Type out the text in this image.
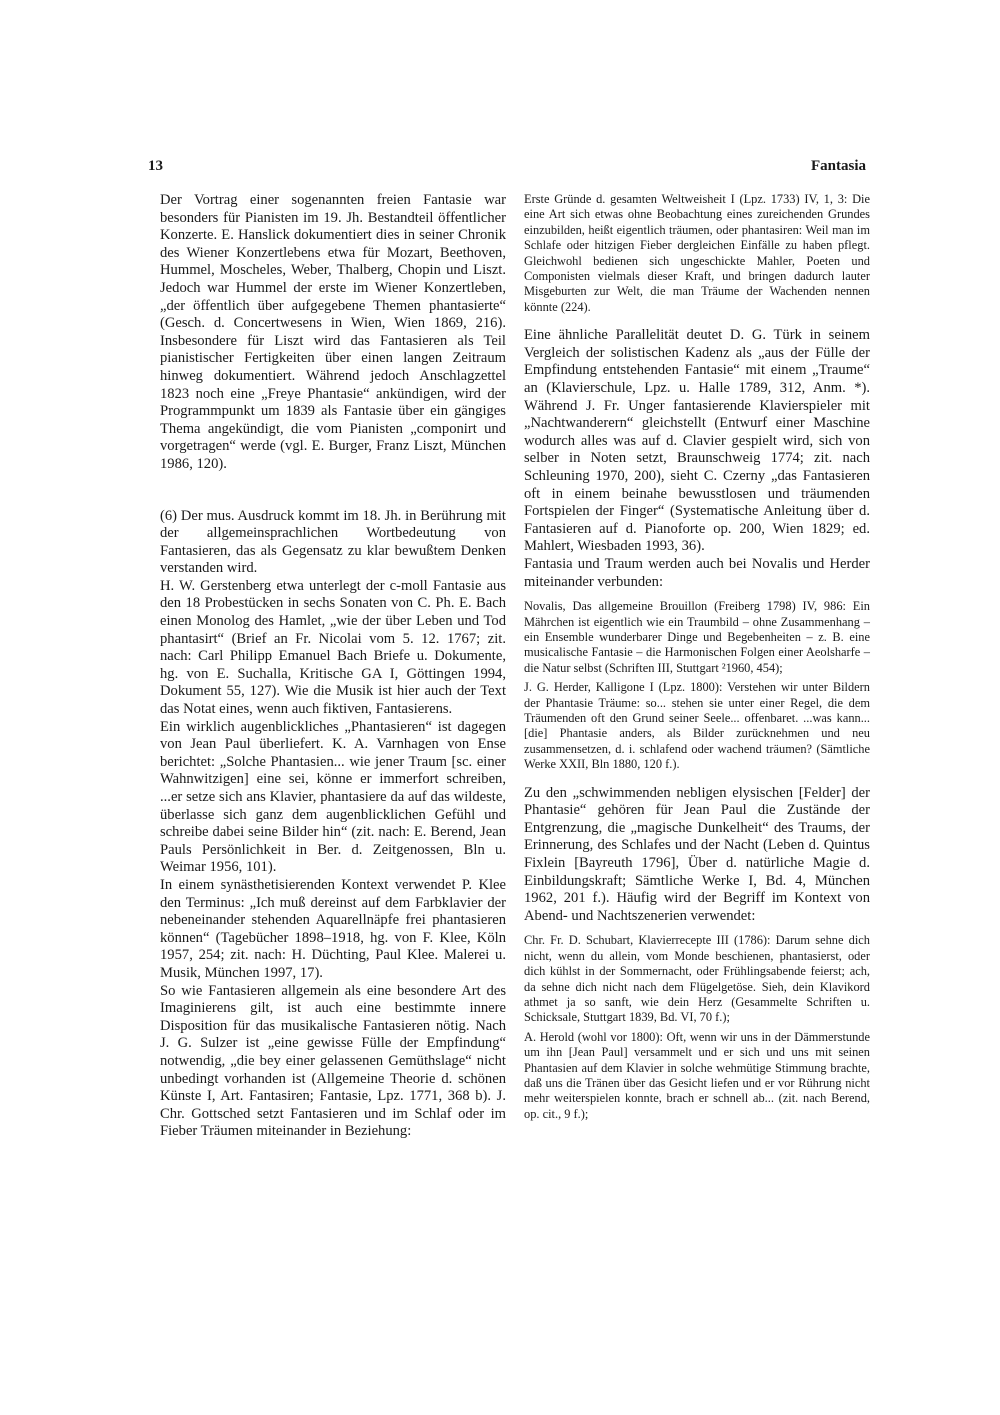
13	Fantasia

Der Vortrag einer sogenannten freien Fantasie war besonders für Pianisten im 19. Jh. Bestandteil öffentlicher Konzerte. E. Hanslick dokumentiert dies in seiner Chronik des Wiener Konzertlebens etwa für Mozart, Beethoven, Hummel, Moscheles, Weber, Thalberg, Chopin und Liszt. Jedoch war Hummel der erste im Wiener Konzertleben, „der öffentlich über aufgegebene Themen phantasierte“ (Gesch. d. Concertwesens in Wien, Wien 1869, 216). Insbesondere für Liszt wird das Fantasieren als Teil pianistischer Fertigkeiten über einen langen Zeitraum hinweg dokumentiert. Während jedoch Anschlagzettel 1823 noch eine „Freye Phantasie“ ankündigen, wird der Programmpunkt um 1839 als Fantasie über ein gängiges Thema angekündigt, die vom Pianisten „componirt und vorgetragen“ werde (vgl. E. Burger, Franz Liszt, München 1986, 120).

(6) Der mus. Ausdruck kommt im 18. Jh. in Berührung mit der allgemeinsprachlichen Wortbedeutung von Fantasieren, das als Gegensatz zu klar bewußtem Denken verstanden wird.

H. W. Gerstenberg etwa unterlegt der c-moll Fantasie aus den 18 Probestücken in sechs Sonaten von C. Ph. E. Bach einen Monolog des Hamlet, „wie der über Leben und Tod phantasirt“ (Brief an Fr. Nicolai vom 5. 12. 1767; zit. nach: Carl Philipp Emanuel Bach Briefe u. Dokumente, hg. von E. Suchalla, Kritische GA I, Göttingen 1994, Dokument 55, 127). Wie die Musik ist hier auch der Text das Notat eines, wenn auch fiktiven, Fantasierens.

Ein wirklich augenblickliches „Phantasieren“ ist dagegen von Jean Paul überliefert. K. A. Varnhagen von Ense berichtet: „Solche Phantasien... wie jener Traum [sc. einer Wahnwitzigen] eine sei, könne er immerfort schreiben, ...er setze sich ans Klavier, phantasiere da auf das wildeste, überlasse sich ganz dem augenblicklichen Gefühl und schreibe dabei seine Bilder hin“ (zit. nach: E. Berend, Jean Pauls Persönlichkeit in Ber. d. Zeitgenossen, Bln u. Weimar 1956, 101).

In einem synästhetisierenden Kontext verwendet P. Klee den Terminus: „Ich muß dereinst auf dem Farbklavier der nebeneinander stehenden Aquarellnäpfe frei phantasieren können“ (Tagebücher 1898–1918, hg. von F. Klee, Köln 1957, 254; zit. nach: H. Düchting, Paul Klee. Malerei u. Musik, München 1997, 17).

So wie Fantasieren allgemein als eine besondere Art des Imaginierens gilt, ist auch eine bestimmte innere Disposition für das musikalische Fantasieren nötig. Nach J. G. Sulzer ist „eine gewisse Fülle der Empfindung“ notwendig, „die bey einer gelassenen Gemüthslage“ nicht unbedingt vorhanden ist (Allgemeine Theorie d. schönen Künste I, Art. Fantasiren; Fantasie, Lpz. 1771, 368 b). J. Chr. Gottsched setzt Fantasieren und im Schlaf oder im Fieber Träumen miteinander in Beziehung:

Erste Gründe d. gesamten Weltweisheit I (Lpz. 1733) IV, 1, 3: Die eine Art sich etwas ohne Beobachtung eines zureichenden Grundes einzubilden, heißt eigentlich träumen, oder phantasiren: Weil man im Schlafe oder hitzigen Fieber dergleichen Einfälle zu haben pflegt. Gleichwohl bedienen sich ungeschickte Mahler, Poeten und Componisten vielmals dieser Kraft, und bringen dadurch lauter Misgeburten zur Welt, die man Träume der Wachenden nennen könnte (224).

Eine ähnliche Parallelität deutet D. G. Türk in seinem Vergleich der solistischen Kadenz als „aus der Fülle der Empfindung entstehenden Fantasie“ mit einem „Traume“ an (Klavierschule, Lpz. u. Halle 1789, 312, Anm. *). Während J. Fr. Unger fantasierende Klavierspieler mit „Nachtwanderern“ gleichstellt (Entwurf einer Maschine wodurch alles was auf d. Clavier gespielt wird, sich von selber in Noten setzt, Braunschweig 1774; zit. nach Schleuning 1970, 200), sieht C. Czerny „das Fantasieren oft in einem beinahe bewusstlosen und träumenden Fortspielen der Finger“ (Systematische Anleitung über d. Fantasieren auf d. Pianoforte op. 200, Wien 1829; ed. Mahlert, Wiesbaden 1993, 36).

Fantasia und Traum werden auch bei Novalis und Herder miteinander verbunden:

Novalis, Das allgemeine Brouillon (Freiberg 1798) IV, 986: Ein Mährchen ist eigentlich wie ein Traumbild – ohne Zusammenhang – ein Ensemble wunderbarer Dinge und Begebenheiten – z. B. eine musicalische Fantasie – die Harmonischen Folgen einer Aeolsharfe – die Natur selbst (Schriften III, Stuttgart ²1960, 454);

J. G. Herder, Kalligone I (Lpz. 1800): Verstehen wir unter Bildern der Phantasie Träume: so... stehen sie unter einer Regel, die dem Träumenden oft den Grund seiner Seele... offenbaret. ...was kann... [die] Phantasie anders, als Bilder zurücknehmen und neu zusammensetzen, d. i. schlafend oder wachend träumen? (Sämtliche Werke XXII, Bln 1880, 120 f.).

Zu den „schwimmenden nebligen elysischen [Felder] der Phantasie“ gehören für Jean Paul die Zustände der Entgrenzung, die „magische Dunkelheit“ des Traums, der Erinnerung, des Schlafes und der Nacht (Leben d. Quintus Fixlein [Bayreuth 1796], Über d. natürliche Magie d. Einbildungskraft; Sämtliche Werke I, Bd. 4, München 1962, 201 f.). Häufig wird der Begriff im Kontext von Abend- und Nachtszenerien verwendet:

Chr. Fr. D. Schubart, Klavierrecepte III (1786): Darum sehne dich nicht, wenn du allein, vom Monde beschienen, phantasierst, oder dich kühlst in der Sommernacht, oder Frühlingsabende feierst; ach, da sehne dich nicht nach dem Flügelgetöse. Sieh, dein Klavikord athmet ja so sanft, wie dein Herz (Gesammelte Schriften u. Schicksale, Stuttgart 1839, Bd. VI, 70 f.);

A. Herold (wohl vor 1800): Oft, wenn wir uns in der Dämmerstunde um ihn [Jean Paul] versammelt und er sich und uns mit seinen Phantasien auf dem Klavier in solche wehmütige Stimmung brachte, daß uns die Tränen über das Gesicht liefen und er vor Rührung nicht mehr weiterspielen konnte, brach er schnell ab... (zit. nach Berend, op. cit., 9 f.);
